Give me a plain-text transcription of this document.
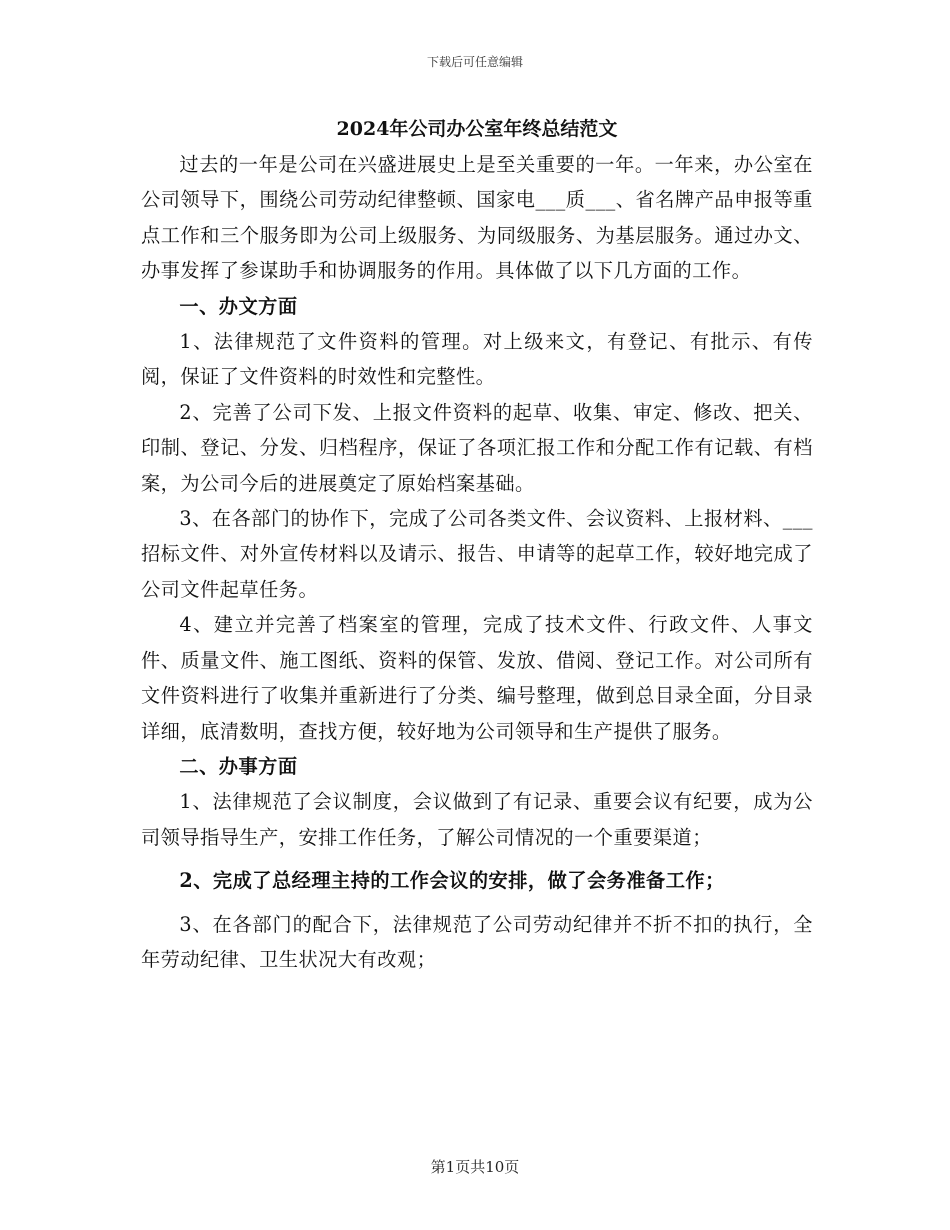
下载后可任意编辑
2024年公司办公室年终总结范文

过去的一年是公司在兴盛进展史上是至关重要的一年。一年来，办公室在公司领导下，围绕公司劳动纪律整顿、国家电___质___、省名牌产品申报等重点工作和三个服务即为公司上级服务、为同级服务、为基层服务。通过办文、办事发挥了参谋助手和协调服务的作用。具体做了以下几方面的工作。

一、办文方面

1、法律规范了文件资料的管理。对上级来文，有登记、有批示、有传阅，保证了文件资料的时效性和完整性。

2、完善了公司下发、上报文件资料的起草、收集、审定、修改、把关、印制、登记、分发、归档程序，保证了各项汇报工作和分配工作有记载、有档案，为公司今后的进展奠定了原始档案基础。

3、在各部门的协作下，完成了公司各类文件、会议资料、上报材料、___招标文件、对外宣传材料以及请示、报告、申请等的起草工作，较好地完成了公司文件起草任务。

4、建立并完善了档案室的管理，完成了技术文件、行政文件、人事文件、质量文件、施工图纸、资料的保管、发放、借阅、登记工作。对公司所有文件资料进行了收集并重新进行了分类、编号整理，做到总目录全面，分目录详细，底清数明，查找方便，较好地为公司领导和生产提供了服务。

二、办事方面

1、法律规范了会议制度，会议做到了有记录、重要会议有纪要，成为公司领导指导生产，安排工作任务，了解公司情况的一个重要渠道；

2、完成了总经理主持的工作会议的安排，做了会务准备工作；

3、在各部门的配合下，法律规范了公司劳动纪律并不折不扣的执行，全年劳动纪律、卫生状况大有改观；

第1页共10页
